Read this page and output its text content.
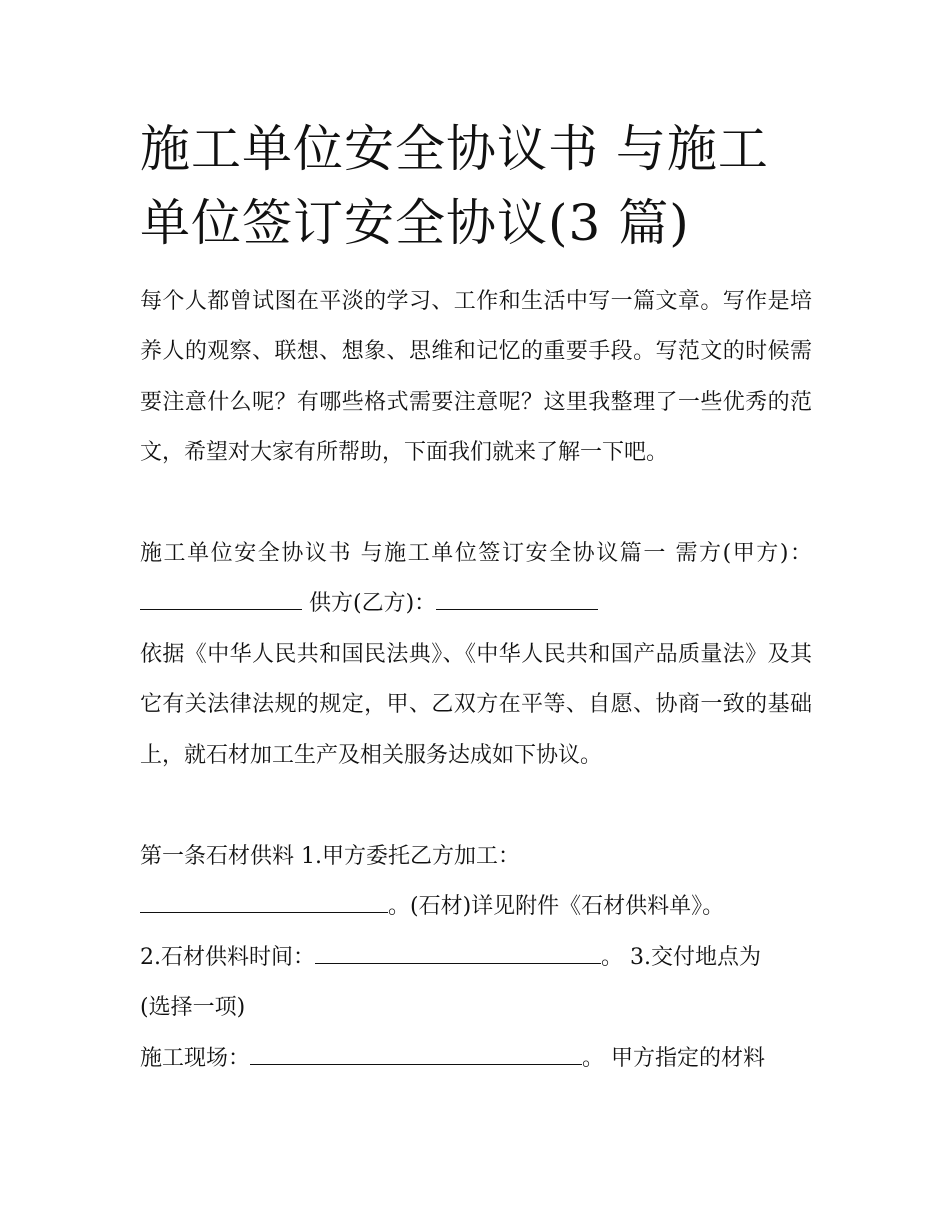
施工单位安全协议书 与施工单位签订安全协议(3 篇)

每个人都曾试图在平淡的学习、工作和生活中写一篇文章。写作是培养人的观察、联想、想象、思维和记忆的重要手段。写范文的时候需要注意什么呢？有哪些格式需要注意呢？这里我整理了一些优秀的范文，希望对大家有所帮助，下面我们就来了解一下吧。

施工单位安全协议书 与施工单位签订安全协议篇一 需方(甲方)： 供方(乙方)：

依据《中华人民共和国民法典》、《中华人民共和国产品质量法》及其它有关法律法规的规定，甲、乙双方在平等、自愿、协商一致的基础上，就石材加工生产及相关服务达成如下协议。

第一条石材供料 1.甲方委托乙方加工：
。(石材)详见附件《石材供料单》。

2.石材供料时间：	。 3.交付地点为
(选择一项)

施工现场：	。 甲方指定的材料
